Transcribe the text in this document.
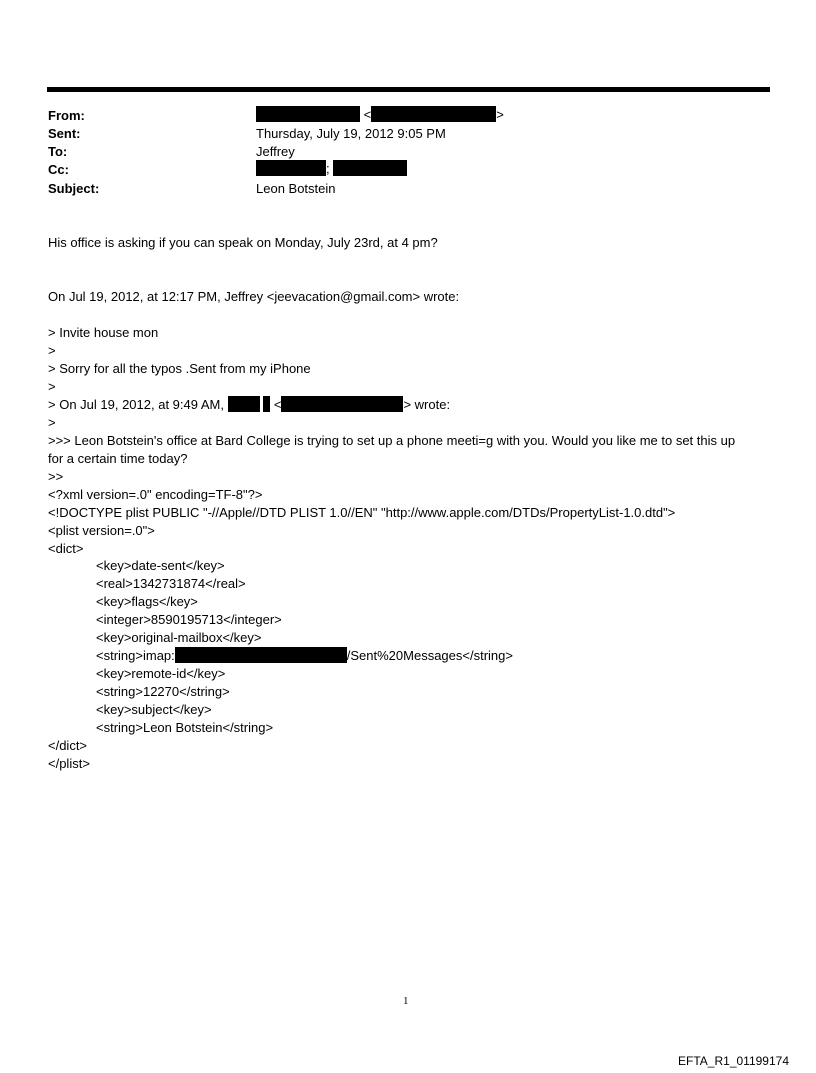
From:	<	>
Sent:	Thursday, July 19, 2012 9:05 PM
To:	Jeffrey
Cc:	;
Subject:	Leon Botstein
His office is asking if you can speak on Monday, July 23rd, at 4 pm?
On Jul 19, 2012, at 12:17 PM, Jeffrey <jeevacation@gmail.com> wrote:
> Invite house mon
>
> Sorry for all the typos .Sent from my iPhone
>
> On Jul 19, 2012, at 9:49 AM,	<	> wrote:
>
>>> Leon Botstein's office at Bard College is trying to set up a phone meeti=g with you. Would you like me to set this up
for a certain time today?
>>
<?xml version=.0" encoding=TF-8"?>
<!DOCTYPE plist PUBLIC "-//Apple//DTD PLIST 1.0//EN" "http://www.apple.com/DTDs/PropertyList-1.0.dtd">
<plist version=.0">
<dict>
<key>date-sent</key>
<real>1342731874</real>
<key>flags</key>
<integer>8590195713</integer>
<key>original-mailbox</key>
<string>imap:	/Sent%20Messages</string>
<key>remote-id</key>
<string>12270</string>
<key>subject</key>
<string>Leon Botstein</string>
</dict>
</plist>
1
EFTA_R1_01199174
